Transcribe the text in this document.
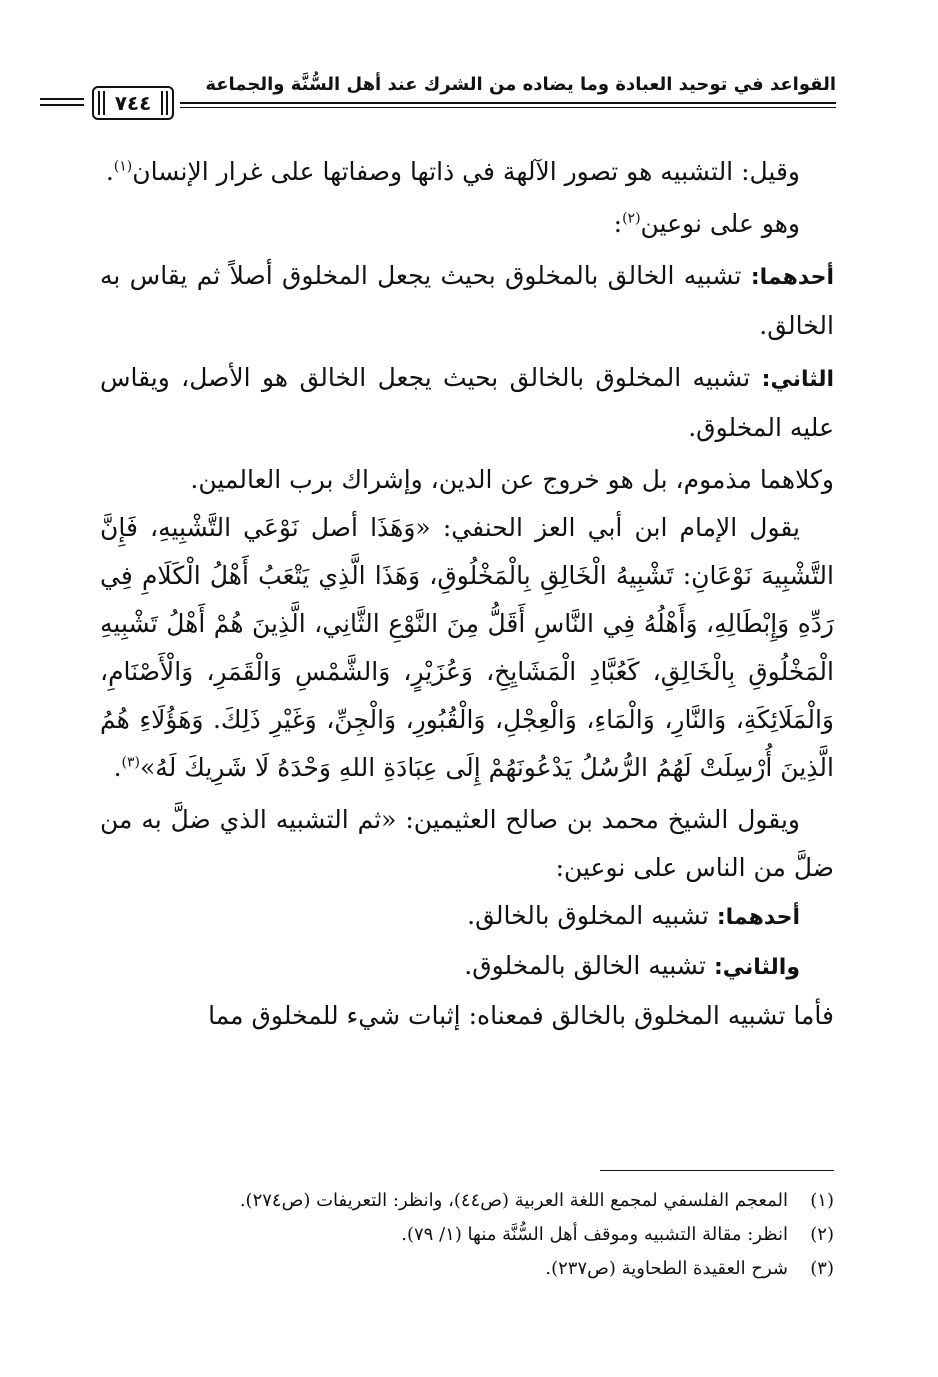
القواعد في توحيد العبادة وما يضاده من الشرك عند أهل السُّنَّة والجماعة
٧٤٤

وقيل: التشبيه هو تصور الآلهة في ذاتها وصفاتها على غرار الإنسان$^{(١)}$.

وهو على نوعين$^{(٢)}$:

أحدهما: تشبيه الخالق بالمخلوق بحيث يجعل المخلوق أصلاً ثم يقاس به الخالق.

الثاني: تشبيه المخلوق بالخالق بحيث يجعل الخالق هو الأصل، ويقاس عليه المخلوق.

وكلاهما مذموم، بل هو خروج عن الدين، وإشراك برب العالمين.

يقول الإمام ابن أبي العز الحنفي: «وَهَذَا أصل نَوْعَي التَّشْبِيهِ، فَإِنَّ التَّشْبِيهَ نَوْعَانِ: تَشْبِيهُ الْخَالِقِ بِالْمَخْلُوقِ، وَهَذَا الَّذِي يَتْعَبُ أَهْلُ الْكَلَامِ فِي رَدِّهِ وَإِبْطَالِهِ، وَأَهْلُهُ فِي النَّاسِ أَقَلُّ مِنَ النَّوْعِ الثَّانِي، الَّذِينَ هُمْ أَهْلُ تَشْبِيهِ الْمَخْلُوقِ بِالْخَالِقِ، كَعُبَّادِ الْمَشَايِخِ، وَعُزَيْرٍ، وَالشَّمْسِ وَالْقَمَرِ، وَالْأَصْنَامِ، وَالْمَلَائِكَةِ، وَالنَّارِ، وَالْمَاءِ، وَالْعِجْلِ، وَالْقُبُورِ، وَالْجِنِّ، وَغَيْرِ ذَلِكَ. وَهَؤُلَاءِ هُمُ الَّذِينَ أُرْسِلَتْ لَهُمُ الرُّسُلُ يَدْعُونَهُمْ إِلَى عِبَادَةِ اللهِ وَحْدَهُ لَا شَرِيكَ لَهُ»$^{(٣)}$.

ويقول الشيخ محمد بن صالح العثيمين: «ثم التشبيه الذي ضلَّ به من ضلَّ من الناس على نوعين:

أحدهما: تشبيه المخلوق بالخالق.

والثاني: تشبيه الخالق بالمخلوق.

فأما تشبيه المخلوق بالخالق فمعناه: إثبات شيء للمخلوق مما

(١)
المعجم الفلسفي لمجمع اللغة العربية (ص٤٤)، وانظر: التعريفات (ص٢٧٤).
(٢)
انظر: مقالة التشبيه وموقف أهل السُّنَّة منها (١/ ٧٩).
(٣)
شرح العقيدة الطحاوية (ص٢٣٧).
